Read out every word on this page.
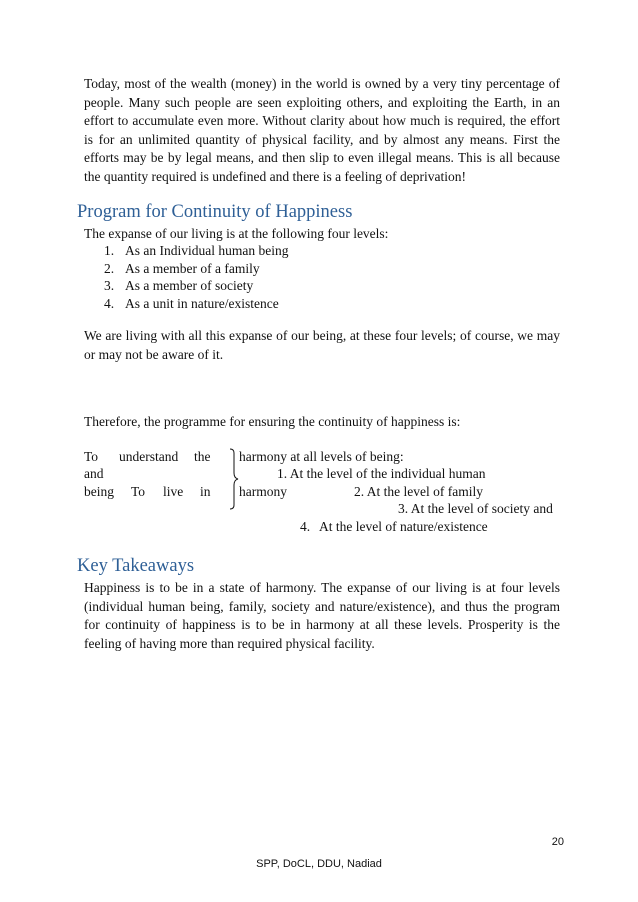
Today, most of the wealth (money) in the world is owned by a very tiny percentage of people. Many such people are seen exploiting others, and exploiting the Earth, in an effort to accumulate even more. Without clarity about how much is required, the effort is for an unlimited quantity of physical facility, and by almost any means. First the efforts may be by legal means, and then slip to even illegal means. This is all because the quantity required is undefined and there is a feeling of deprivation!
Program for Continuity of Happiness
The expanse of our living is at the following four levels:
1. As an Individual human being
2. As a member of a family
3. As a member of society
4. As a unit in nature/existence
We are living with all this expanse of our being, at these four levels; of course, we may or may not be aware of it.
Therefore, the programme for ensuring the continuity of happiness is:
To understand the
and
being To live in
harmony at all levels of being:
1. At the level of the individual human
harmony	2. At the level of family
3. At the level of society and
4. At the level of nature/existence
Key Takeaways
Happiness is to be in a state of harmony. The expanse of our living is at four levels (individual human being, family, society and nature/existence), and thus the program for continuity of happiness is to be in harmony at all these levels. Prosperity is the feeling of having more than required physical facility.
20
SPP, DoCL, DDU, Nadiad
